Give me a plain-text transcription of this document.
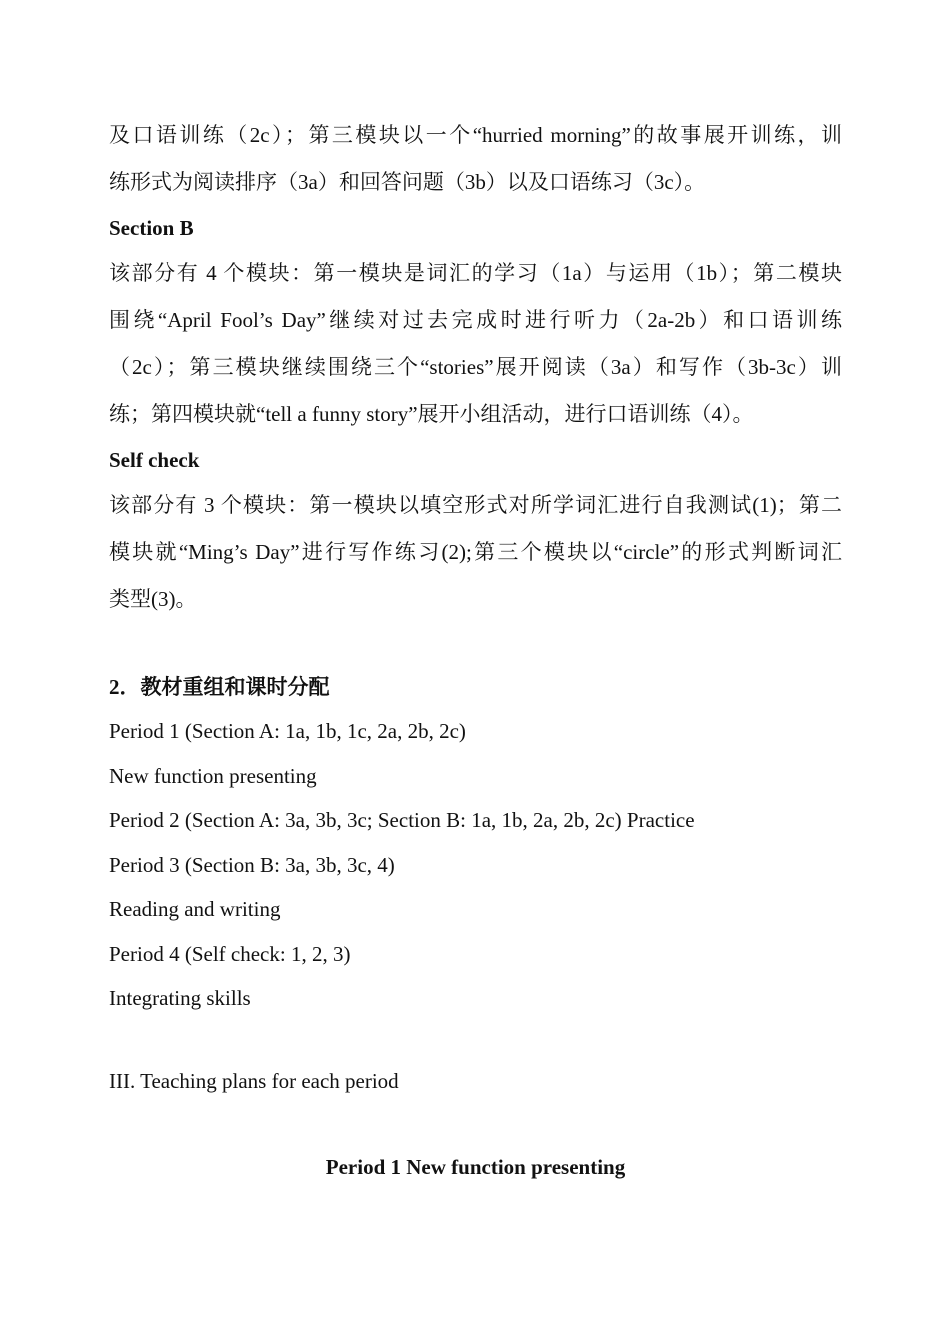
及口语训练（2c）；第三模块以一个“hurried morning”的故事展开训练，训

练形式为阅读排序（3a）和回答问题（3b）以及口语练习（3c）。

Section B

该部分有 4 个模块：第一模块是词汇的学习（1a）与运用（1b）；第二模块

围绕“April Fool’s Day”继续对过去完成时进行听力（2a-2b）和口语训练

（2c）；第三模块继续围绕三个“stories”展开阅读（3a）和写作（3b-3c）训

练；第四模块就“tell a funny story”展开小组活动，进行口语训练（4）。

Self check

该部分有 3 个模块：第一模块以填空形式对所学词汇进行自我测试(1)；第二

模块就“Ming’s Day”进行写作练习(2);第三个模块以“circle”的形式判断词汇

类型(3)。

2．教材重组和课时分配

Period 1 (Section A: 1a, 1b, 1c, 2a, 2b, 2c)

New function presenting

Period 2 (Section A: 3a, 3b, 3c; Section B: 1a, 1b, 2a, 2b, 2c) Practice

Period 3 (Section B: 3a, 3b, 3c, 4)

Reading and writing

Period 4 (Self check: 1, 2, 3)

Integrating skills

III. Teaching plans for each period

Period 1 New function presenting
